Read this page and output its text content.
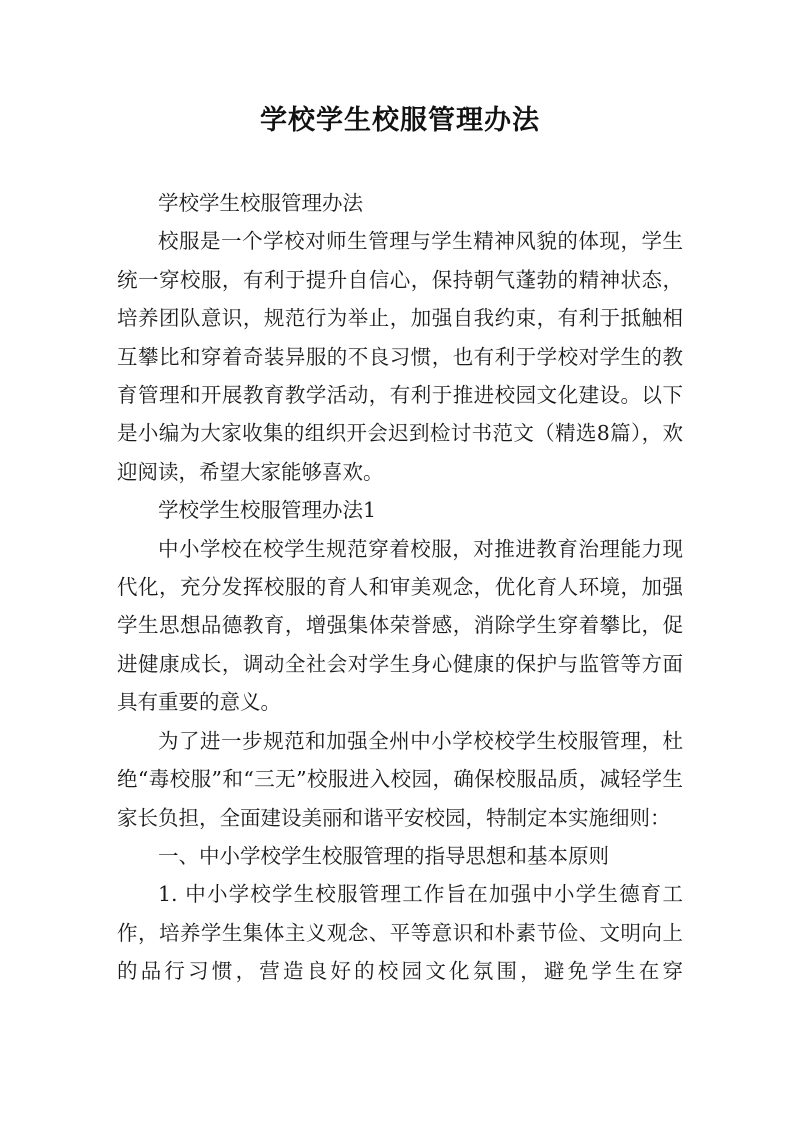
学校学生校服管理办法

学校学生校服管理办法

校服是一个学校对师生管理与学生精神风貌的体现，学生统一穿校服，有利于提升自信心，保持朝气蓬勃的精神状态，培养团队意识，规范行为举止，加强自我约束，有利于抵触相互攀比和穿着奇装异服的不良习惯，也有利于学校对学生的教育管理和开展教育教学活动，有利于推进校园文化建设。以下是小编为大家收集的组织开会迟到检讨书范文（精选8篇），欢迎阅读，希望大家能够喜欢。

学校学生校服管理办法1

中小学校在校学生规范穿着校服，对推进教育治理能力现代化，充分发挥校服的育人和审美观念，优化育人环境，加强学生思想品德教育，增强集体荣誉感，消除学生穿着攀比，促进健康成长，调动全社会对学生身心健康的保护与监管等方面具有重要的意义。

为了进一步规范和加强全州中小学校校学生校服管理，杜绝“毒校服”和“三无”校服进入校园，确保校服品质，减轻学生家长负担，全面建设美丽和谐平安校园，特制定本实施细则：

一、中小学校学生校服管理的指导思想和基本原则

1. 中小学校学生校服管理工作旨在加强中小学生德育工作，培养学生集体主义观念、平等意识和朴素节俭、文明向上的品行习惯，营造良好的校园文化氛围，避免学生在穿
